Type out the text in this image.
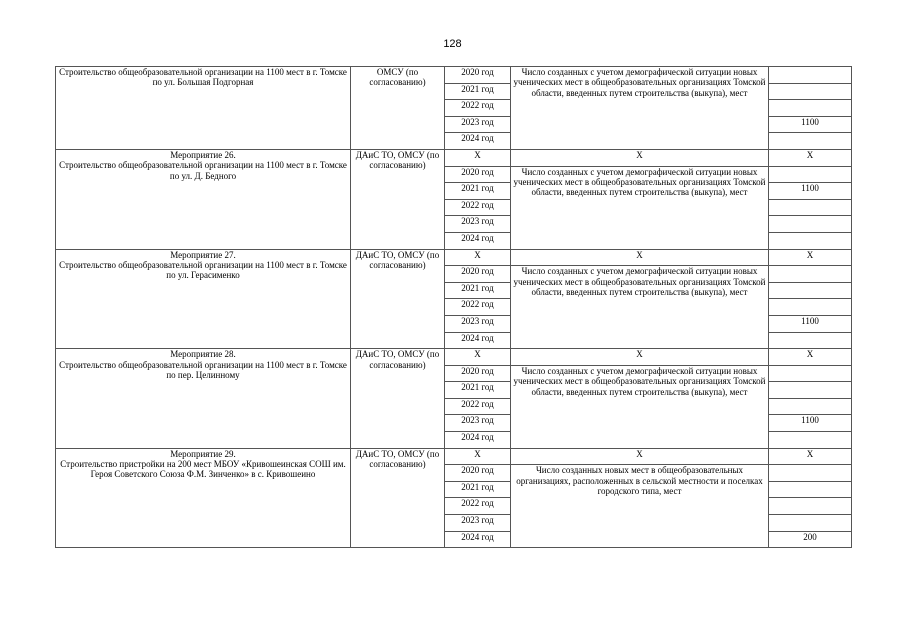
128
Строительство общеобразовательной организации на 1100 мест в г. Томске по ул. Большая Подгорная	ОМСУ (по согласованию)	2020 год	Число созданных с учетом демографической ситуации новых ученических мест в общеобразовательных организациях Томской области, введенных путем строительства (выкупа), мест	
		2021 год		
		2022 год		
		2023 год		1100
		2024 год		

Мероприятие 26.
Строительство общеобразовательной организации на 1100 мест в г. Томске по ул. Д. Бедного	ДАиС ТО, ОМСУ (по согласованию)	Х	Х	Х
		2020 год	Число созданных с учетом демографической ситуации новых ученических мест в общеобразовательных организациях Томской области, введенных путем строительства (выкупа), мест	
		2021 год		1100
		2022 год		
		2023 год		
		2024 год		

Мероприятие 27.
Строительство общеобразовательной организации на 1100 мест в г. Томске по ул. Герасименко	ДАиС ТО, ОМСУ (по согласованию)	Х	Х	Х
		2020 год	Число созданных с учетом демографической ситуации новых ученических мест в общеобразовательных организациях Томской области, введенных путем строительства (выкупа), мест	
		2021 год		
		2022 год		
		2023 год		1100
		2024 год		

Мероприятие 28.
Строительство общеобразовательной организации на 1100 мест в г. Томске по пер. Целинному	ДАиС ТО, ОМСУ (по согласованию)	Х	Х	Х
		2020 год	Число созданных с учетом демографической ситуации новых ученических мест в общеобразовательных организациях Томской области, введенных путем строительства (выкупа), мест	
		2021 год		
		2022 год		
		2023 год		1100
		2024 год		

Мероприятие 29.
Строительство пристройки на 200 мест МБОУ «Кривошеинская СОШ им. Героя Советского Союза Ф.М. Зинченко» в с. Кривошеино	ДАиС ТО, ОМСУ (по согласованию)	Х	Х	Х
		2020 год	Число созданных новых мест в общеобразовательных организациях, расположенных в сельской местности и поселках городского типа, мест	
		2021 год		
		2022 год		
		2023 год		
		2024 год		200
